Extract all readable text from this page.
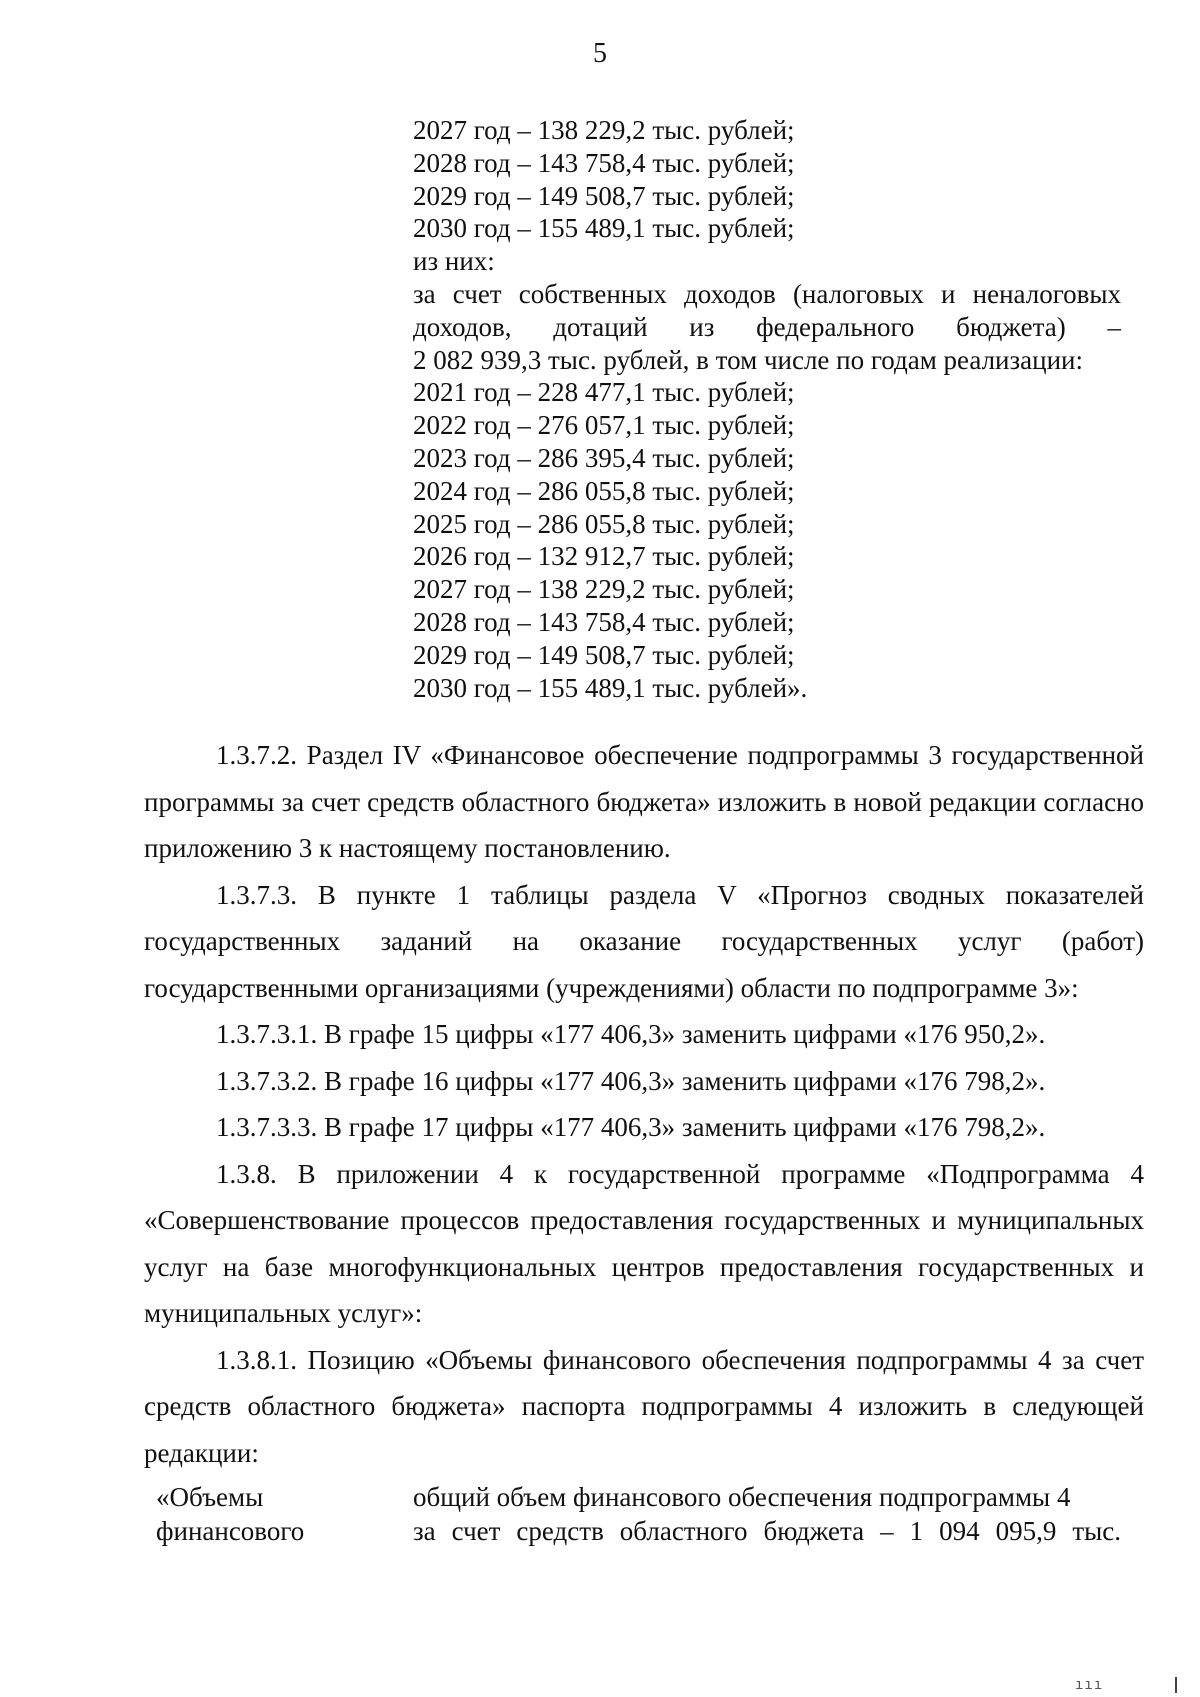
5
2027 год – 138 229,2 тыс. рублей;
2028 год – 143 758,4 тыс. рублей;
2029 год – 149 508,7 тыс. рублей;
2030 год – 155 489,1 тыс. рублей;
из них:
за счет собственных доходов (налоговых и неналоговых
доходов, дотаций из федерального бюджета) –
2 082 939,3 тыс. рублей, в том числе по годам реализации:
2021 год – 228 477,1 тыс. рублей;
2022 год – 276 057,1 тыс. рублей;
2023 год – 286 395,4 тыс. рублей;
2024 год – 286 055,8 тыс. рублей;
2025 год – 286 055,8 тыс. рублей;
2026 год – 132 912,7 тыс. рублей;
2027 год – 138 229,2 тыс. рублей;
2028 год – 143 758,4 тыс. рублей;
2029 год – 149 508,7 тыс. рублей;
2030 год – 155 489,1 тыс. рублей».

1.3.7.2. Раздел IV «Финансовое обеспечение подпрограммы 3 государственной программы за счет средств областного бюджета» изложить в новой редакции согласно приложению 3 к настоящему постановлению.

1.3.7.3. В пункте 1 таблицы раздела V «Прогноз сводных показателей государственных заданий на оказание государственных услуг (работ) государственными организациями (учреждениями) области по подпрограмме 3»:

1.3.7.3.1. В графе 15 цифры «177 406,3» заменить цифрами «176 950,2».

1.3.7.3.2. В графе 16 цифры «177 406,3» заменить цифрами «176 798,2».

1.3.7.3.3. В графе 17 цифры «177 406,3» заменить цифрами «176 798,2».

1.3.8. В приложении 4 к государственной программе «Подпрограмма 4 «Совершенствование процессов предоставления государственных и муниципальных услуг на базе многофункциональных центров предоставления государственных и муниципальных услуг»:

1.3.8.1. Позицию «Объемы финансового обеспечения подпрограммы 4 за счет средств областного бюджета» паспорта подпрограммы 4 изложить в следующей редакции:

«Объемы
финансового
общий объем финансового обеспечения подпрограммы 4
за счет средств областного бюджета – 1 094 095,9 тыс.
ııı
